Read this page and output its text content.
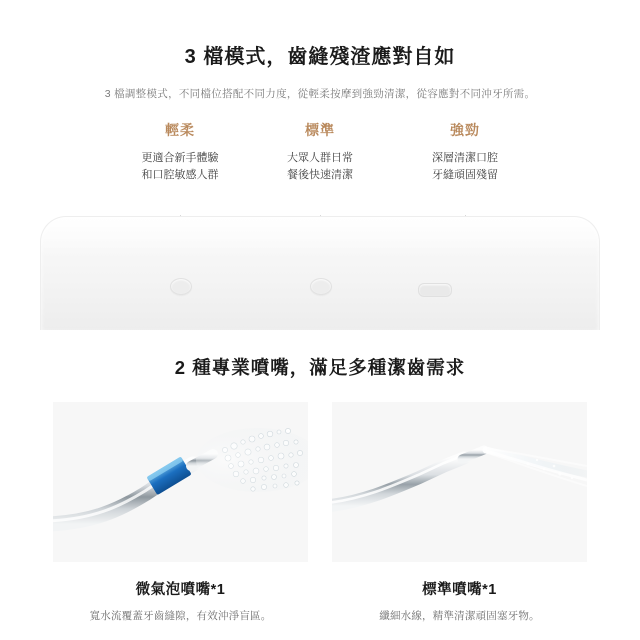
3 檔模式，齒縫殘渣應對自如

3 檔調整模式，不同檔位搭配不同力度，從輕柔按摩到強勁清潔，從容應對不同沖牙所需。

輕柔
更適合新手體驗
和口腔敏感人群
標準
大眾人群日常
餐後快速清潔
強勁
深層清潔口腔
牙縫頑固殘留
2 種專業噴嘴，滿足多種潔齒需求
微氣泡噴嘴*1
寬水流覆蓋牙齒縫隙，有效沖淨盲區。
標準噴嘴*1
纖細水線，精準清潔頑固塞牙物。
